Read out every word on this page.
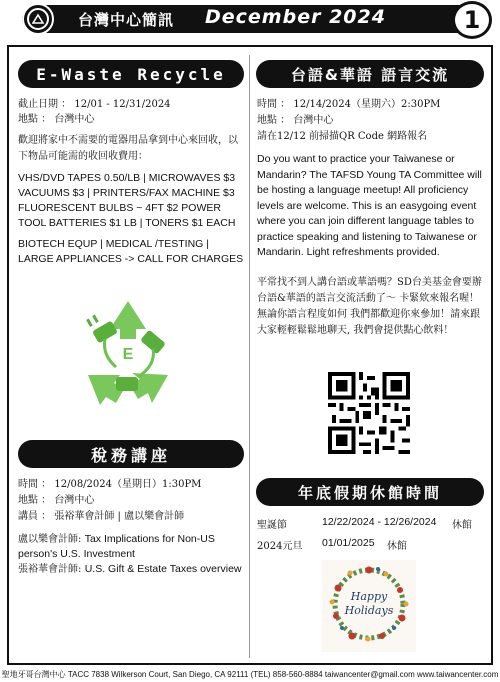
台灣中心簡訊 December 2024	1
E-Waste Recycle

截止日期 ： 12/01 - 12/31/2024

地點 ： 台灣中心

歡迎將家中不需要的電器用品拿到中心來回收，以下物品可能需的收回收費用：

VHS/DVD TAPES 0.50/LB | MICROWAVES $3 VACUUMS $3 | PRINTERS/FAX MACHINE $3 FLUORESCENT BULBS ~ 4FT $2 POWER TOOL BATTERIES $1 LB | TONERS $1 EACH

BIOTECH EQUP | MEDICAL /TESTING | LARGE APPLIANCES -> CALL FOR CHARGES

E
稅務講座

時間 ： 12/08/2024（星期日）1:30PM

地點 ： 台灣中心

講員 ： 張裕華會計師 | 盧以樂會計師

盧以樂會計師: Tax Implications for Non-US person's U.S. Investment

張裕華會計師: U.S. Gift & Estate Taxes overview

台語&華語 語言交流

時間 ： 12/14/2024（星期六）2:30PM

地點 ： 台灣中心

請在12/12 前掃描QR Code 網路報名

Do you want to practice your Taiwanese or Mandarin? The TAFSD Young TA Committee will be hosting a language meetup! All proficiency levels are welcome. This is an easygoing event where you can join different language tables to practice speaking and listening to Taiwanese or Mandarin. Light refreshments provided.

平常找不到人講台語或華語嗎？SD台美基金會要辦台語&華語的語言交流活動了～ 卡緊欸來報名喔！無論你語言程度如何 我們都歡迎你來參加！請來跟大家輕輕鬆鬆地聊天, 我們會提供點心飲料！

年底假期休館時間
聖誕節	12/22/2024 - 12/26/2024 休館
2024元旦 01/01/2025 休館
Happy
Holidays
聖地牙哥台灣中心 TACC 7838 Wilkerson Court, San Diego, CA 92111 (TEL) 858-560-8884 taiwancenter@gmail.com www.taiwancenter.com
